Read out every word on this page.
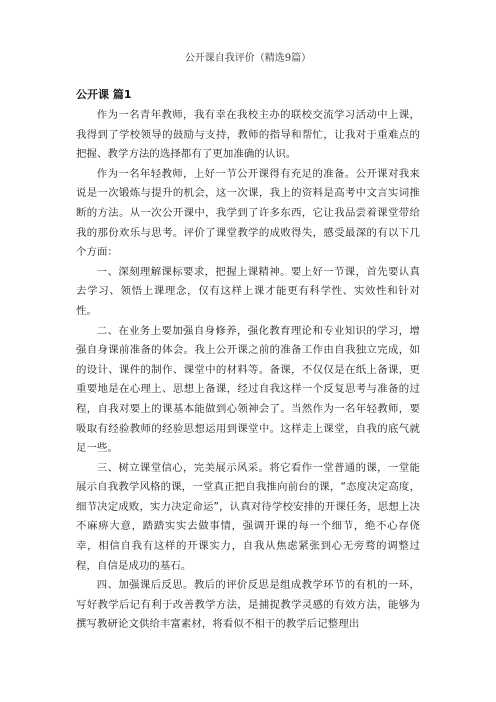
公开课自我评价（精选9篇）
公开课 篇1

作为一名青年教师，我有幸在我校主办的联校交流学习活动中上课，我得到了学校领导的鼓励与支持，教师的指导和帮忙，让我对于重难点的把握、教学方法的选择都有了更加准确的认识。

作为一名年轻教师，上好一节公开课得有充足的准备。公开课对我来说是一次锻炼与提升的机会，这一次课，我上的资料是高考中文言实词推断的方法。从一次公开课中，我学到了许多东西，它让我品尝着课堂带给我的那份欢乐与思考。评价了课堂教学的成败得失，感受最深的有以下几个方面：

一、深刻理解课标要求，把握上课精神。要上好一节课，首先要认真去学习、领悟上课理念，仅有这样上课才能更有科学性、实效性和针对性。

二、在业务上要加强自身修养，强化教育理论和专业知识的学习，增强自身课前准备的体会。我上公开课之前的准备工作由自我独立完成，如的设计、课件的制作、课堂中的材料等。备课，不仅仅是在纸上备课，更重要地是在心理上、思想上备课，经过自我这样一个反复思考与准备的过程，自我对要上的课基本能做到心领神会了。当然作为一名年轻教师，要吸取有经验教师的经验思想运用到课堂中。这样走上课堂，自我的底气就足一些。

三、树立课堂信心，完美展示风采。将它看作一堂普通的课，一堂能展示自我教学风格的课，一堂真正把自我推向前台的课，“态度决定高度，细节决定成败，实力决定命运”，认真对待学校安排的开课任务，思想上决不麻痹大意，踏踏实实去做事情，强调开课的每一个细节，绝不心存侥幸，相信自我有这样的开课实力，自我从焦虑紧张到心无旁骛的调整过程，自信是成功的基石。

四、加强课后反思。教后的评价反思是组成教学环节的有机的一环，写好教学后记有利于改善教学方法，是捕捉教学灵感的有效方法，能够为撰写教研论文供给丰富素材，将看似不相干的教学后记整理出
